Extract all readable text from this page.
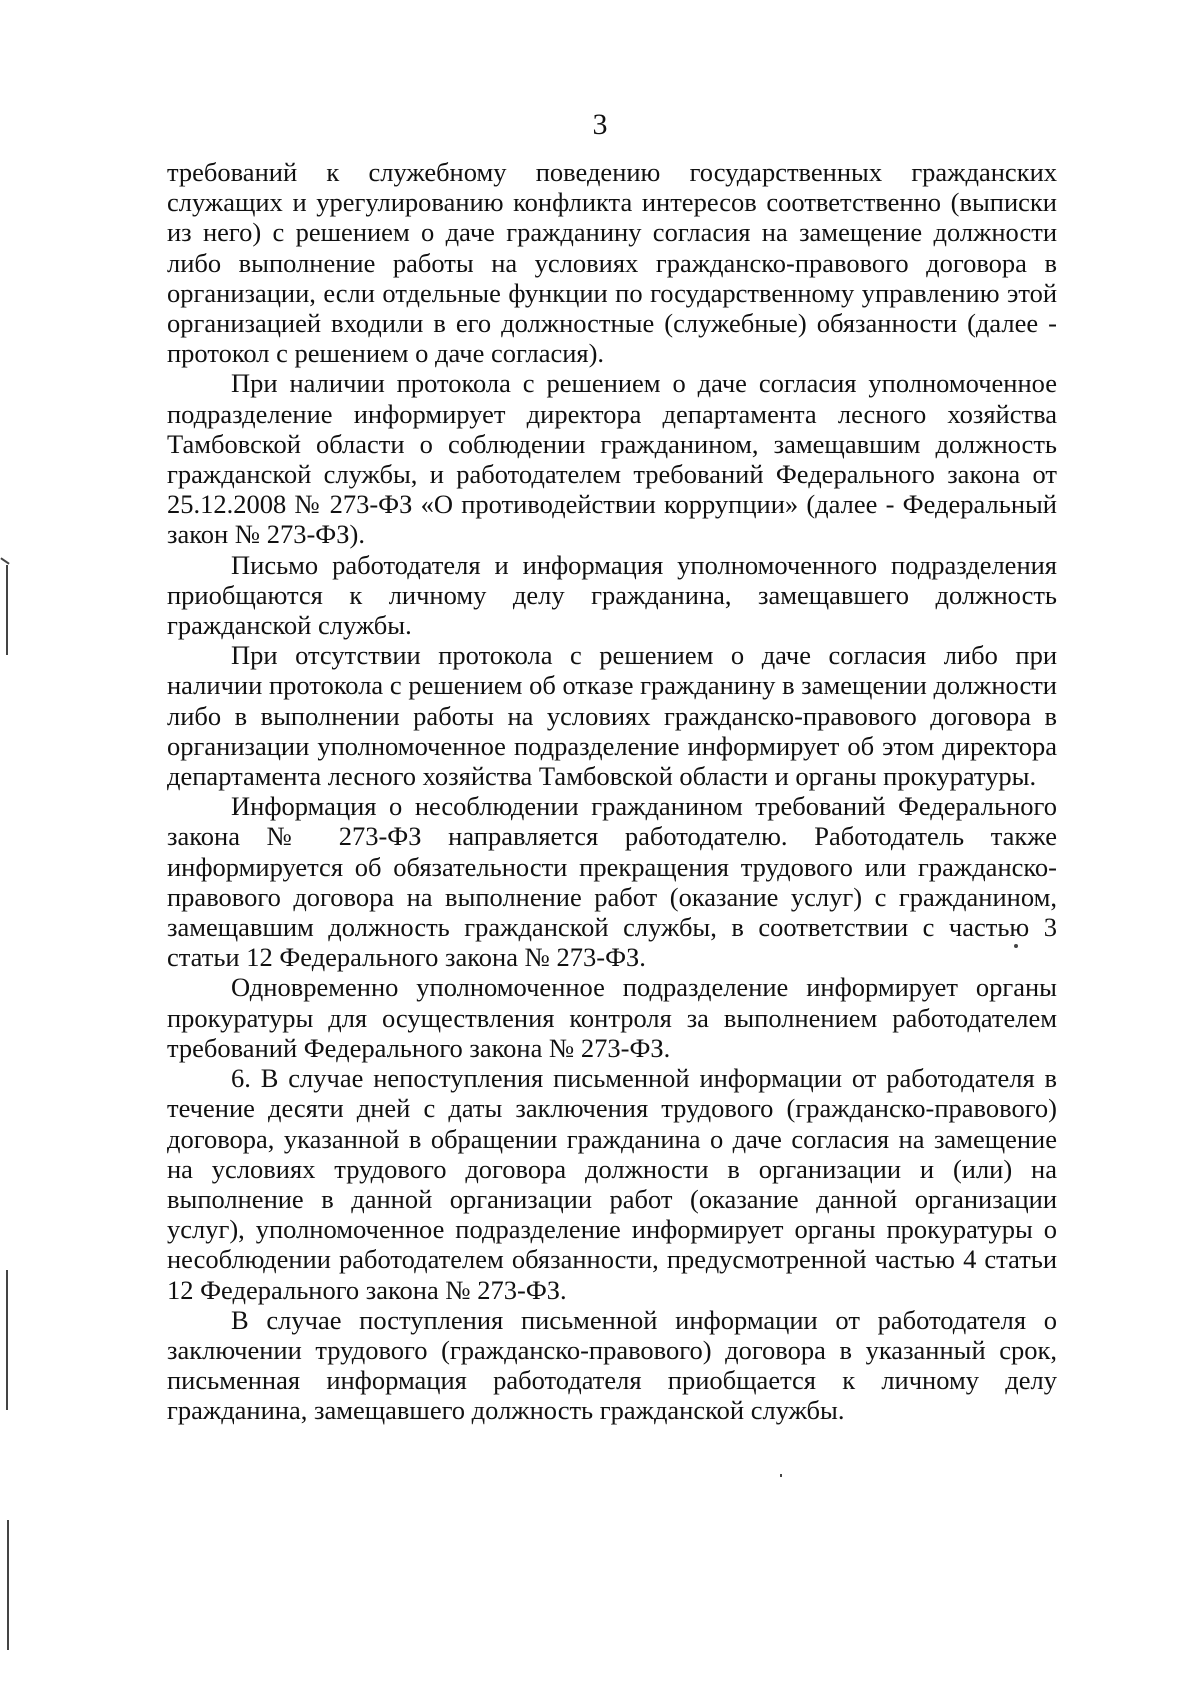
3

требований к служебному поведению государственных гражданских служащих и урегулированию конфликта интересов соответственно (выписки из него) с решением о даче гражданину согласия на замещение должности либо выполнение работы на условиях гражданско-правового договора в организации, если отдельные функции по государственному управлению этой организацией входили в его должностные (служебные) обязанности (далее - протокол с решением о даче согласия).

При наличии протокола с решением о даче согласия уполномоченное подразделение информирует директора департамента лесного хозяйства Тамбовской области о соблюдении гражданином, замещавшим должность гражданской службы, и работодателем требований Федерального закона от 25.12.2008 № 273-ФЗ «О противодействии коррупции» (далее - Федеральный закон № 273-ФЗ).

Письмо работодателя и информация уполномоченного подразделения приобщаются к личному делу гражданина, замещавшего должность гражданской службы.

При отсутствии протокола с решением о даче согласия либо при наличии протокола с решением об отказе гражданину в замещении должности либо в выполнении работы на условиях гражданско-правового договора в организации уполномоченное подразделение информирует об этом директора департамента лесного хозяйства Тамбовской области и органы прокуратуры.

Информация о несоблюдении гражданином требований Федерального закона № 273-ФЗ направляется работодателю. Работодатель также информируется об обязательности прекращения трудового или гражданско-правового договора на выполнение работ (оказание услуг) с гражданином, замещавшим должность гражданской службы, в соответствии с частью 3 статьи 12 Федерального закона № 273-ФЗ.

Одновременно уполномоченное подразделение информирует органы прокуратуры для осуществления контроля за выполнением работодателем требований Федерального закона № 273-ФЗ.

6. В случае непоступления письменной информации от работодателя в течение десяти дней с даты заключения трудового (гражданско-правового) договора, указанной в обращении гражданина о даче согласия на замещение на условиях трудового договора должности в организации и (или) на выполнение в данной организации работ (оказание данной организации услуг), уполномоченное подразделение информирует органы прокуратуры о несоблюдении работодателем обязанности, предусмотренной частью 4 статьи 12 Федерального закона № 273-ФЗ.

В случае поступления письменной информации от работодателя о заключении трудового (гражданско-правового) договора в указанный срок, письменная информация работодателя приобщается к личному делу гражданина, замещавшего должность гражданской службы.
